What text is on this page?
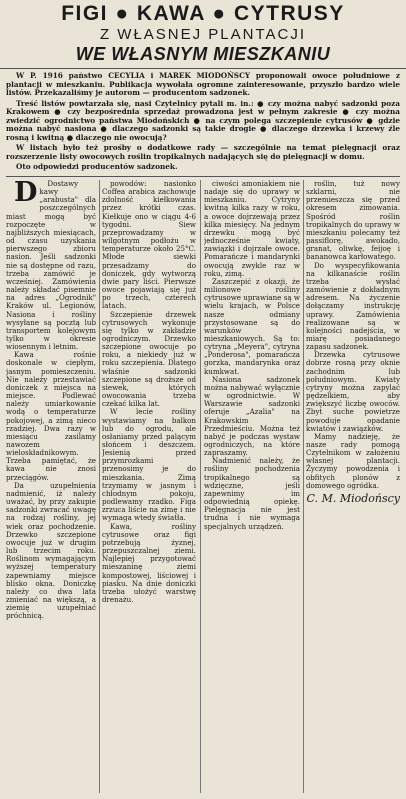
FIGI ● KAWA ● CYTRUSY
Z WŁASNEJ PLANTACJI
WE WŁASNYM MIESZKANIU

W P. 1916 państwo CECYLIA i MAREK MIODOŃSCY proponowali owoce południowe z plantacji w mieszkaniu. Publikacja wywołała ogromne zainteresowanie, przyszło bardzo wiele listów. Przekazaliśmy je autorom — producentom sadzonek.

Treść listów powtarzała się, nasi Czytelnicy pytali m. in.: ● czy można nabyć sadzonki poza Krakowem ● czy bezpośrednia sprzedaż prowadzona jest w pełnym zakresie ● czy można zwiedzić ogrodnictwo państwa Miodońskich ● na czym polega szczepienie cytrusów ● gdzie można nabyć nasiona ● dlaczego sadzonki są takie drogie ● dlaczego drzewka i krzewy źle rosną i kwitną ● dlaczego nie owocują?

W listach było też prośby o dodatkowe rady — szczególnie na temat pielęgnacji oraz rozszerzenie listy owocowych roślin tropikalnych nadających się do pielęgnacji w domu.

Oto odpowiedzi producentów sadzonek.

D Dostawy kawy „arabusta" dla poszczególnych miast mogą być rozpoczęte w najbliższych miesiącach, od czasu uzyskania pierwszego zbioru nasion. Jeśli sadzonki nie są dostępne od razu, trzeba zamówić je wcześniej. Zamówienia należy składać pisemnie na adres „Ogrodnik" Kraków ul. Legionów, Nasiona i rośliny wysyłane są pocztą lub transportem kolejowym tylko w okresie wiosennym i letnim.

Kawa rośnie doskonale w ciepłym, jasnym pomieszczeniu. Nie należy przestawiać doniczek z miejsca na miejsce. Podlewać należy umiarkowanie wodą o temperaturze pokojowej, a zimą nieco rzadziej. Dwa razy w miesiącu zasilamy nawozem wieloskładnikowym. Trzeba pamiętać, że kawa nie znosi przeciągów.

Da uzupełnienia nadmienić, iż należy uważać, by przy zakupie sadzonki zwracać uwagę na rodzaj rośliny, jej wiek oraz pochodzenie. Drzewko szczepione owocuje już w drugim lub trzecim roku. Roślinom wymagającym wyższej temperatury zapewniamy miejsce blisko okna. Doniczkę należy co dwa lata zmieniać na większą, a ziemię uzupełniać próchnicą.

powodów: nasionko Coffea arabica zachowuje zdolność kiełkowania przez krótki czas. Kiełkuje ono w ciągu 4-6 tygodni. Siew przeprowadzamy w wilgotnym podłożu w temperaturze około 25°C. Młode siewki przesadzamy do doniczek, gdy wytworzą dwie pary liści. Pierwsze owoce pojawiają się już po trzech, czterech latach.

Szczepienie drzewek cytrusowych wykonuje się tylko w zakładzie ogrodniczym. Drzewko szczepione owocuje po roku, a niekiedy już w roku szczepienia. Dlatego właśnie sadzonki szczepione są droższe od siewek, których owocowania trzeba czekać kilka lat.

W lecie rośliny wystawiamy na balkon lub do ogrodu, ale osłaniamy przed palącym słońcem i deszczem. Jesienią przed przymrozkami przenosimy je do mieszkania. Zimą trzymamy w jasnym i chłodnym pokoju, podlewamy rzadko. Figa zrzuca liście na zimę i nie wymaga wtedy światła.

Kawa, rośliny cytrusowe oraz figi potrzebują żyznej, przepuszczalnej ziemi. Najlepiej przygotować mieszaninę ziemi kompostowej, liściowej i piasku. Na dnie doniczki trzeba ułożyć warstwę drenażu.

ciwości amoniakiem nie nadaje się do uprawy w mieszkaniu. Cytryny kwitną kilka razy w roku, a owoce dojrzewają przez kilka miesięcy. Na jednym drzewku mogą być jednocześnie kwiaty, zawiązki i dojrzałe owoce. Pomarańcze i mandarynki owocują zwykle raz w roku, zimą.

Zaszczepić z okazji, że milionowe rośliny cytrusowe uprawiane są w wielu krajach, w Polsce nasze odmiany przystosowane są do warunków mieszkaniowych. Są to: cytryna „Meyera", cytryna „Ponderosa", pomarańcza gorzka, mandarynka oraz kumkwat.

Nasiona sadzonek można nabywać wyłącznie w ogrodnictwie. W Warszawie sadzonki oferuje „Azalia" na Krakowskim Przedmieściu. Można też nabyć je podczas wystaw ogrodniczych, na które zapraszamy.

Nadmienić należy, że rośliny pochodzenia tropikalnego są wdzięczne, jeśli zapewnimy im odpowiednią opiekę. Pielęgnacja nie jest trudna i nie wymaga specjalnych urządzeń.

roślin, tuż nowy szklarni, nie przemieszcza się przed okresem zimowania. Spośród roślin tropikalnych do uprawy w mieszkaniu polecamy też passiflorę, awokado, granat, oliwkę, feijoę i bananowca karłowatego.

Do wyspecyfikowania na kilkanaście roślin trzeba wysłać zamówienie z dokładnym adresem. Na życzenie dołączamy instrukcję uprawy. Zamówienia realizowane są w kolejności nadejścia, w miarę posiadanego zapasu sadzonek.

Drzewka cytrusowe dobrze rosną przy oknie zachodnim lub południowym. Kwiaty cytryny można zapylać pędzelkiem, aby zwiększyć liczbę owoców. Zbyt suche powietrze powoduje opadanie kwiatów i zawiązków.

Mamy nadzieję, że nasze rady pomogą Czytelnikom w założeniu własnej plantacji. Życzymy powodzenia i obfitych plonów z domowego ogródka.

C. M. Miodońscy
